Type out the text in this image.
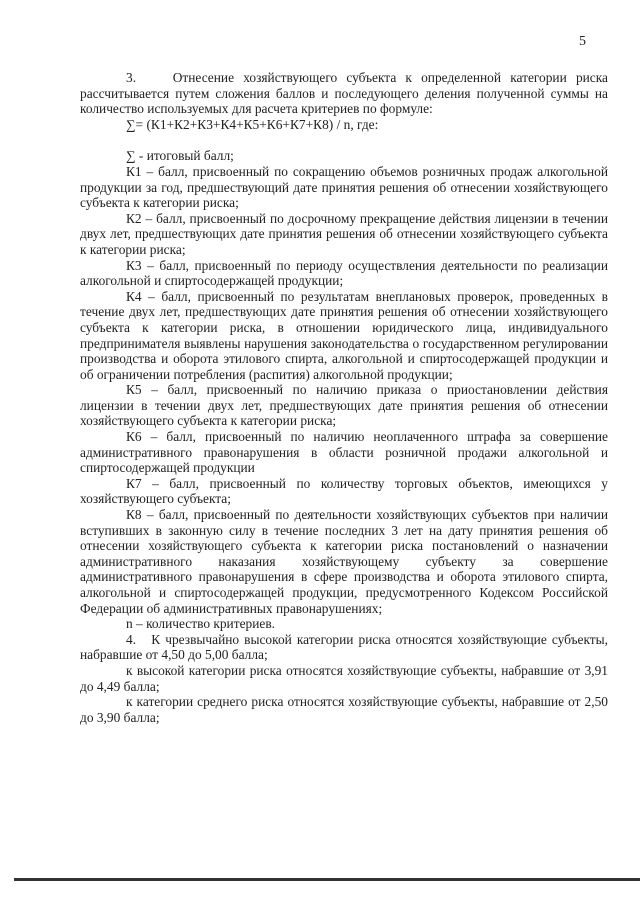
5

3.    Отнесение хозяйствующего субъекта к определенной категории риска рассчитывается путем сложения баллов и последующего деления полученной суммы на количество используемых для расчета критериев по формуле:

∑= (К1+К2+К3+К4+К5+К6+К7+К8) / n, где:

∑ - итоговый балл;

К1 – балл, присвоенный по сокращению объемов розничных продаж алкогольной продукции за год, предшествующий дате принятия решения об отнесении хозяйствующего субъекта к категории риска;

К2 – балл, присвоенный по досрочному прекращение действия лицензии в течении двух лет, предшествующих дате принятия решения об отнесении хозяйствующего субъекта к категории риска;

К3 – балл, присвоенный по периоду осуществления деятельности по реализации алкогольной и спиртосодержащей продукции;

К4 – балл, присвоенный по результатам внеплановых проверок, проведенных в течение двух лет, предшествующих дате принятия решения об отнесении хозяйствующего субъекта к категории риска, в отношении юридического лица, индивидуального предпринимателя выявлены нарушения законодательства о государственном регулировании производства и оборота этилового спирта, алкогольной и спиртосодержащей продукции и об ограничении потребления (распития) алкогольной продукции;

К5 – балл, присвоенный по наличию приказа о приостановлении действия лицензии в течении двух лет, предшествующих дате принятия решения об отнесении хозяйствующего субъекта к категории риска;

К6 – балл, присвоенный по наличию неоплаченного штрафа за совершение административного правонарушения в области розничной продажи алкогольной и спиртосодержащей продукции

К7 – балл, присвоенный по количеству торговых объектов, имеющихся у хозяйствующего субъекта;

К8 – балл, присвоенный по деятельности хозяйствующих субъектов при наличии вступивших в законную силу в течение последних 3 лет на дату принятия решения об отнесении хозяйствующего субъекта к категории риска постановлений о назначении административного наказания хозяйствующему субъекту за совершение административного правонарушения в сфере производства и оборота этилового спирта, алкогольной и спиртосодержащей продукции, предусмотренного Кодексом Российской Федерации об административных правонарушениях;

n – количество критериев.

4.   К чрезвычайно высокой категории риска относятся хозяйствующие субъекты, набравшие от 4,50 до 5,00 балла;

к высокой категории риска относятся хозяйствующие субъекты, набравшие от 3,91 до 4,49 балла;

к категории среднего риска относятся хозяйствующие субъекты, набравшие от 2,50 до 3,90 балла;
